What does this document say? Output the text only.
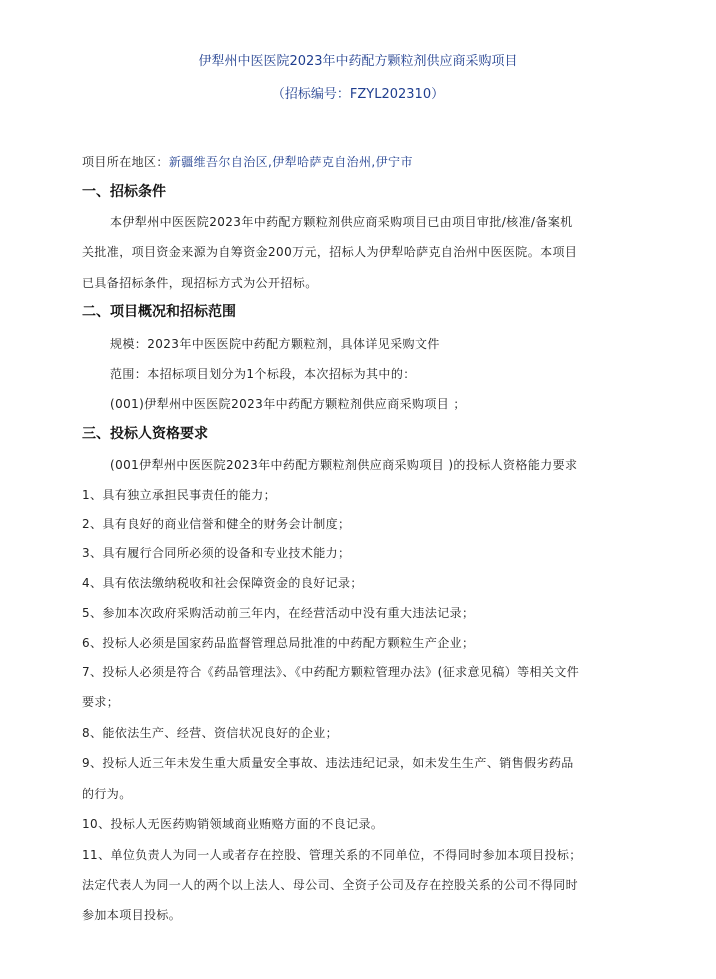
伊犁州中医医院2023年中药配方颗粒剂供应商采购项目
（招标编号：FZYL202310）
项目所在地区：新疆维吾尔自治区,伊犁哈萨克自治州,伊宁市
一、招标条件
本伊犁州中医医院2023年中药配方颗粒剂供应商采购项目已由项目审批/核准/备案机
关批准，项目资金来源为自筹资金200万元，招标人为伊犁哈萨克自治州中医医院。本项目
已具备招标条件，现招标方式为公开招标。
二、项目概况和招标范围
规模：2023年中医医院中药配方颗粒剂，具体详见采购文件
范围：本招标项目划分为1个标段，本次招标为其中的：
(001)伊犁州中医医院2023年中药配方颗粒剂供应商采购项目 ；
三、投标人资格要求
(001伊犁州中医医院2023年中药配方颗粒剂供应商采购项目 )的投标人资格能力要求
1、具有独立承担民事责任的能力；
2、具有良好的商业信誉和健全的财务会计制度；
3、具有履行合同所必须的设备和专业技术能力；
4、具有依法缴纳税收和社会保障资金的良好记录；
5、参加本次政府采购活动前三年内，在经营活动中没有重大违法记录；
6、投标人必须是国家药品监督管理总局批准的中药配方颗粒生产企业；
7、投标人必须是符合《药品管理法》、《中药配方颗粒管理办法》(征求意见稿）等相关文件
要求；
8、能依法生产、经营、资信状况良好的企业；
9、投标人近三年未发生重大质量安全事故、违法违纪记录，如未发生生产、销售假劣药品
的行为。
10、投标人无医药购销领域商业贿赂方面的不良记录。
11、单位负责人为同一人或者存在控股、管理关系的不同单位，不得同时参加本项目投标；
法定代表人为同一人的两个以上法人、母公司、全资子公司及存在控股关系的公司不得同时
参加本项目投标。
